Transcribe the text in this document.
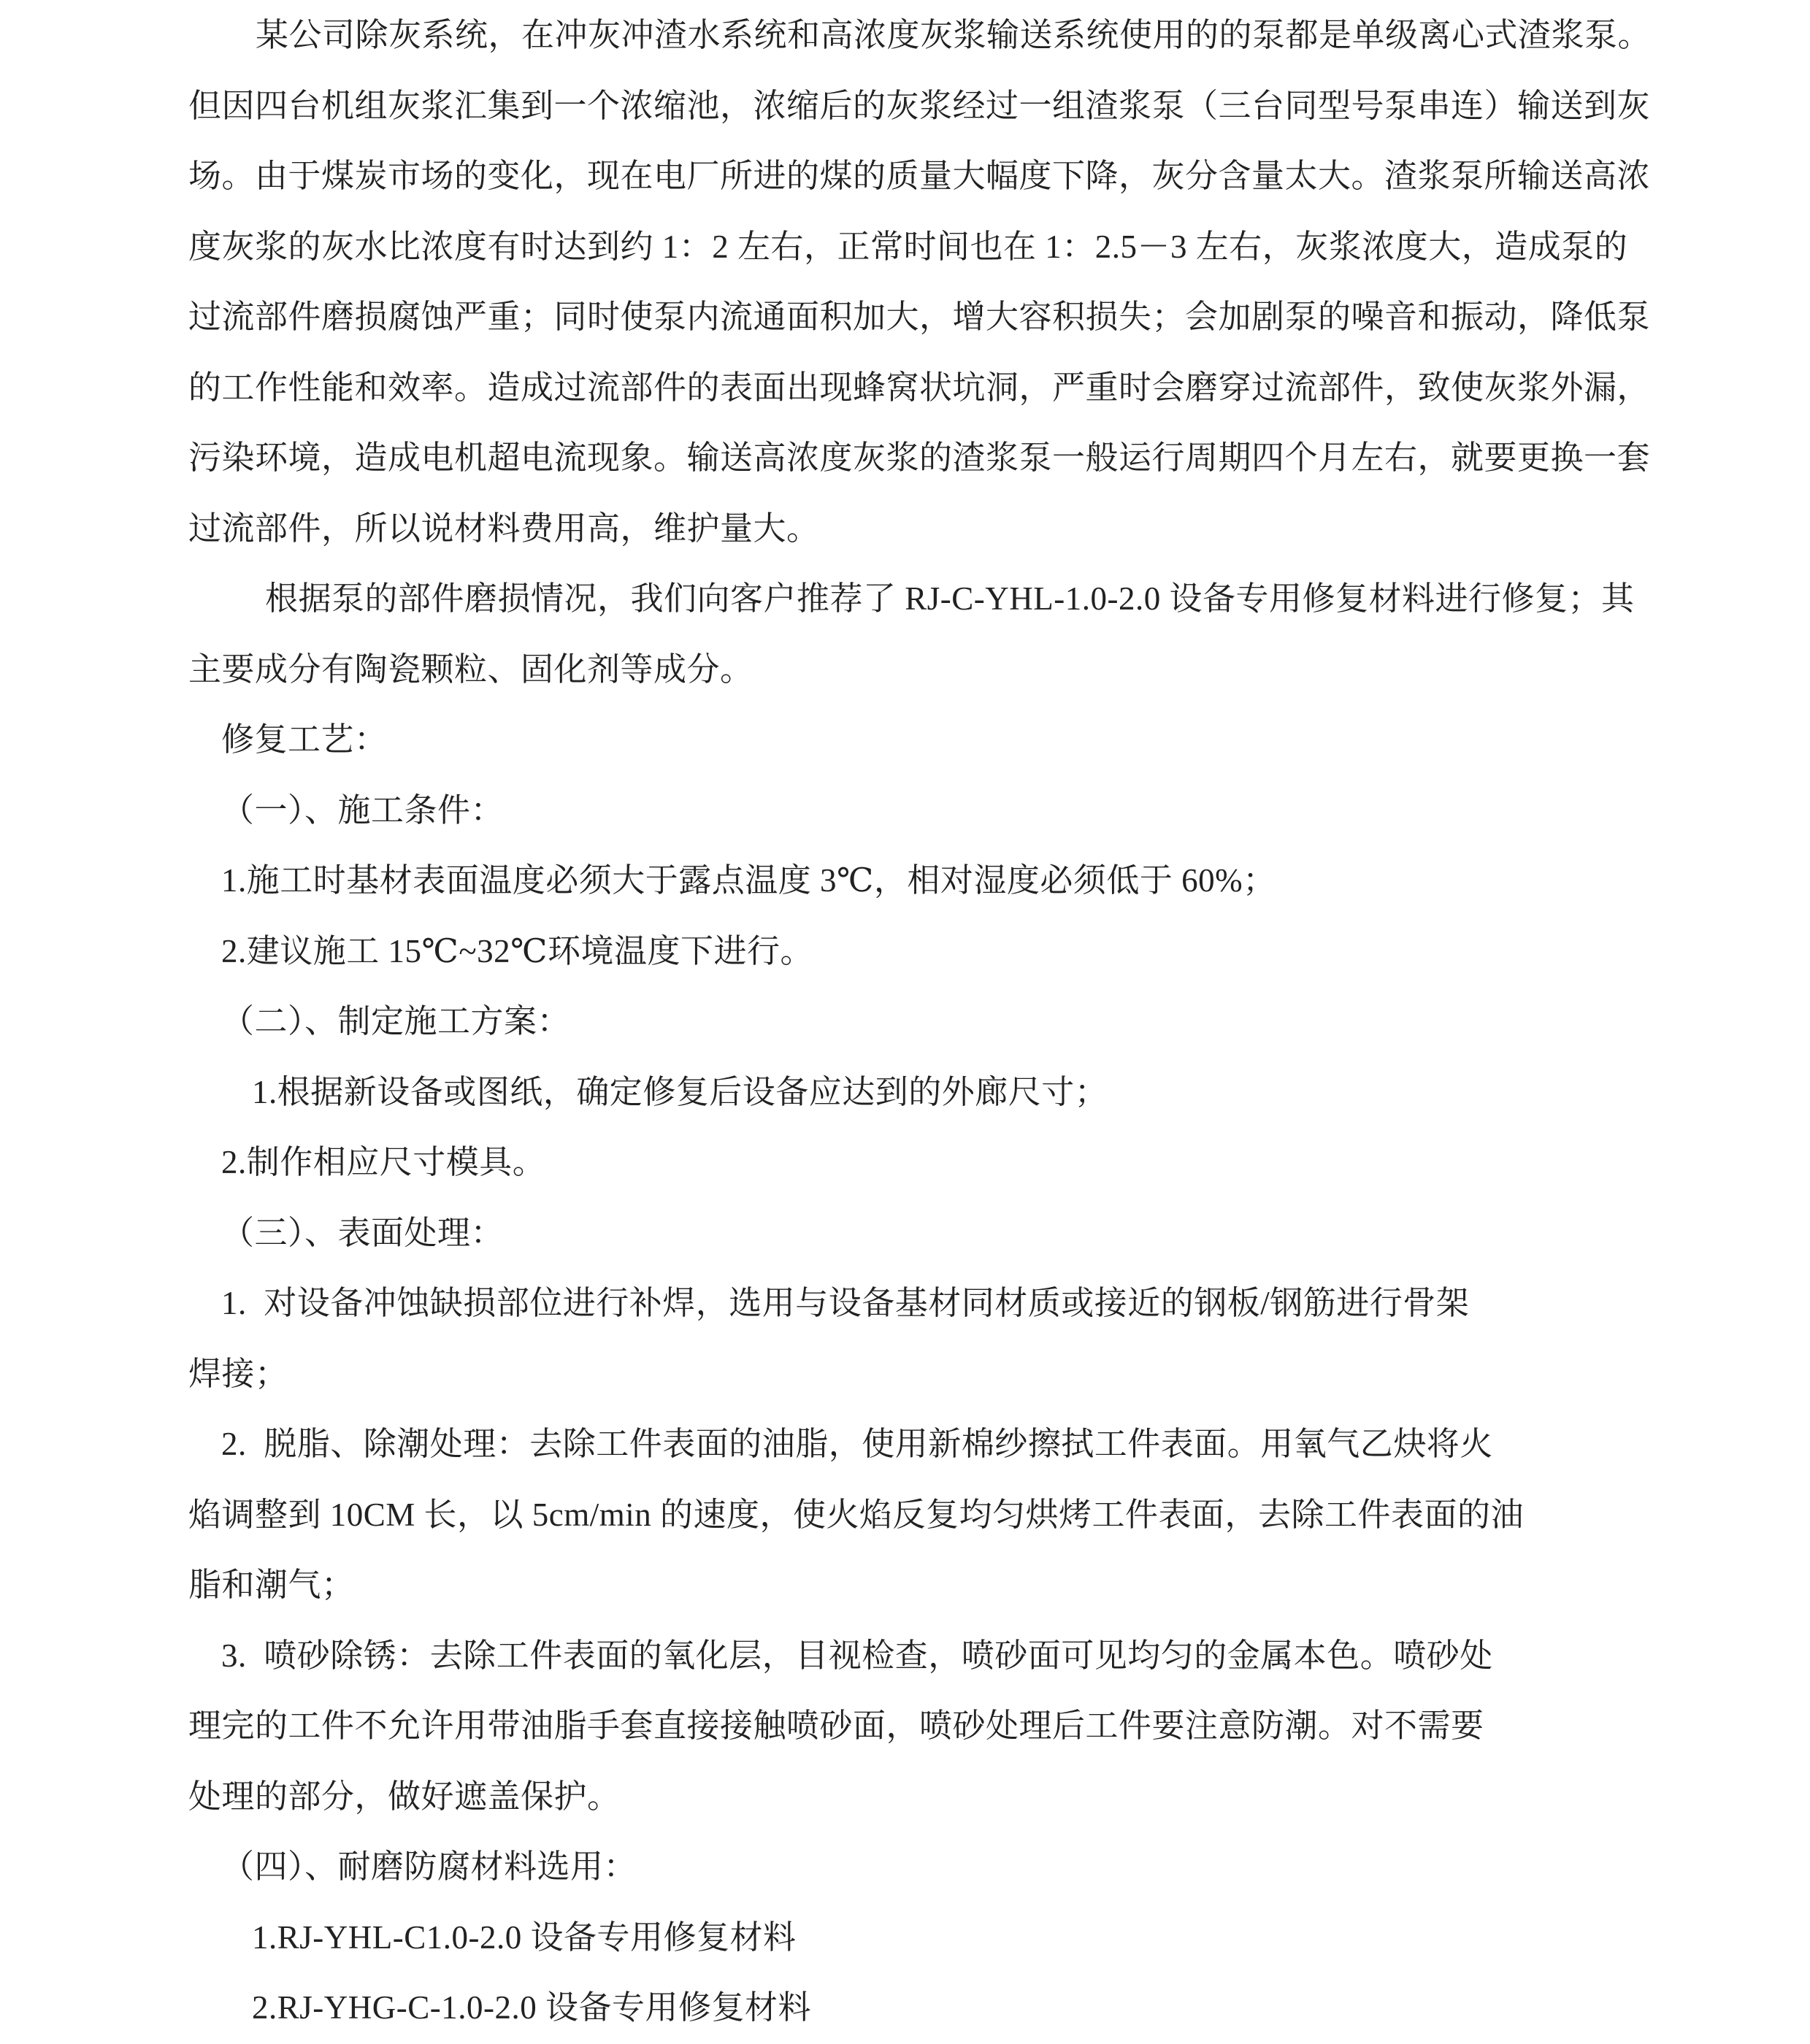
某公司除灰系统，在冲灰冲渣水系统和高浓度灰浆输送系统使用的的泵都是单级离心式渣浆泵。
但因四台机组灰浆汇集到一个浓缩池，浓缩后的灰浆经过一组渣浆泵（三台同型号泵串连）输送到灰
场。由于煤炭市场的变化，现在电厂所进的煤的质量大幅度下降，灰分含量太大。渣浆泵所输送高浓
度灰浆的灰水比浓度有时达到约 1：2 左右，正常时间也在 1：2.5－3 左右，灰浆浓度大，造成泵的
过流部件磨损腐蚀严重；同时使泵内流通面积加大，增大容积损失；会加剧泵的噪音和振动，降低泵
的工作性能和效率。造成过流部件的表面出现蜂窝状坑洞，严重时会磨穿过流部件，致使灰浆外漏，
污染环境，造成电机超电流现象。输送高浓度灰浆的渣浆泵一般运行周期四个月左右，就要更换一套
过流部件，所以说材料费用高，维护量大。
根据泵的部件磨损情况，我们向客户推荐了 RJ-C-YHL-1.0-2.0 设备专用修复材料进行修复；其
主要成分有陶瓷颗粒、固化剂等成分。
修复工艺：
（一）、施工条件：
1.施工时基材表面温度必须大于露点温度 3℃，相对湿度必须低于 60%；
2.建议施工 15℃~32℃环境温度下进行。
（二）、制定施工方案：
1.根据新设备或图纸，确定修复后设备应达到的外廊尺寸；
2.制作相应尺寸模具。
（三）、表面处理：
1.  对设备冲蚀缺损部位进行补焊，选用与设备基材同材质或接近的钢板/钢筋进行骨架
焊接；
2.  脱脂、除潮处理：去除工件表面的油脂，使用新棉纱擦拭工件表面。用氧气乙炔将火
焰调整到 10CM 长，以 5cm/min 的速度，使火焰反复均匀烘烤工件表面，去除工件表面的油
脂和潮气；
3.  喷砂除锈：去除工件表面的氧化层，目视检查，喷砂面可见均匀的金属本色。喷砂处
理完的工件不允许用带油脂手套直接接触喷砂面，喷砂处理后工件要注意防潮。对不需要
处理的部分，做好遮盖保护。
（四）、耐磨防腐材料选用：
1.RJ-YHL-C1.0-2.0 设备专用修复材料
2.RJ-YHG-C-1.0-2.0 设备专用修复材料
